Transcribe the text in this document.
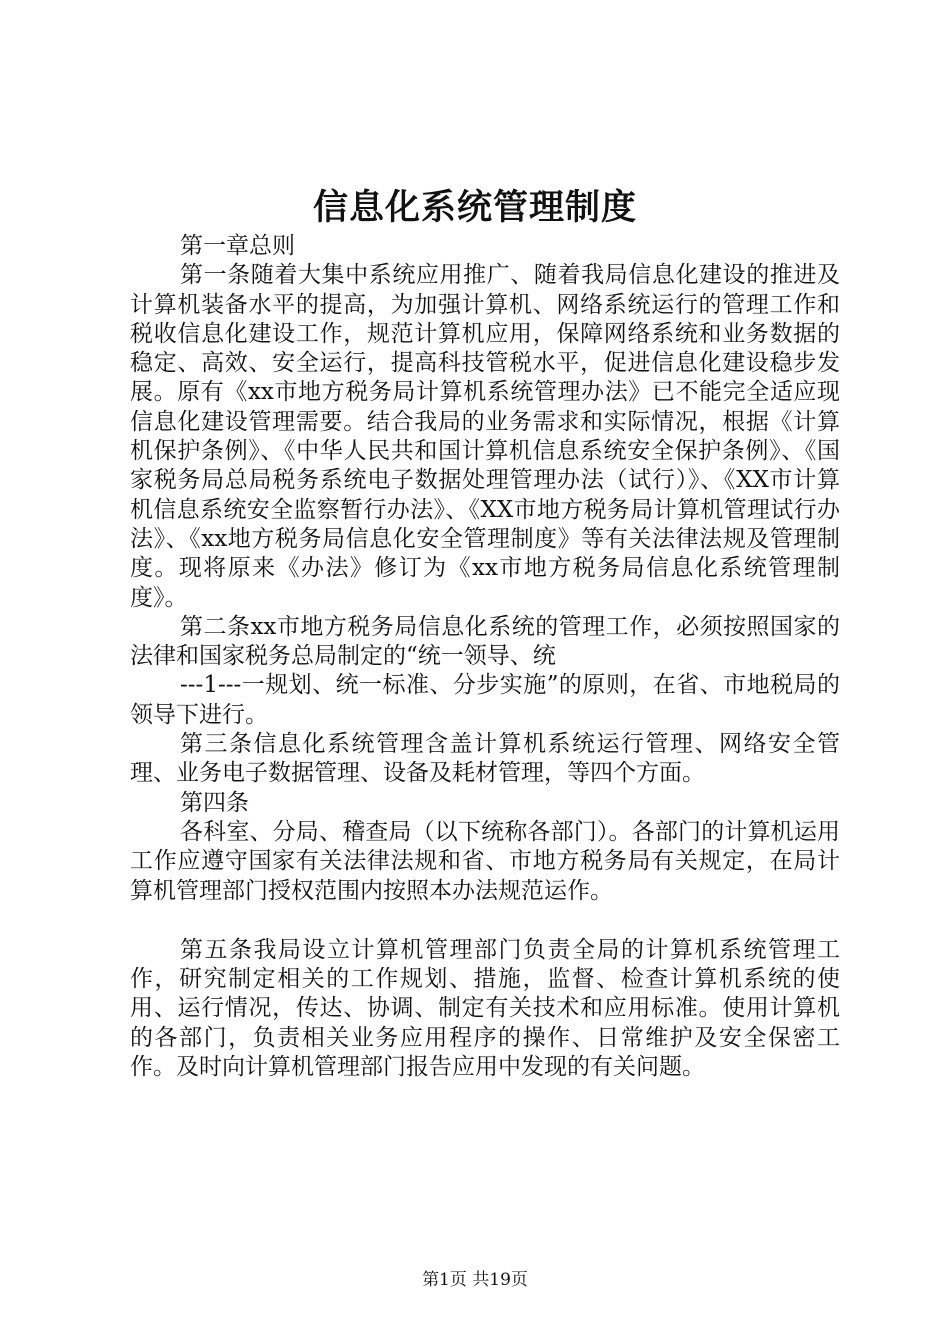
信息化系统管理制度

第一章总则

第一条随着大集中系统应用推广、随着我局信息化建设的推进及计算机装备水平的提高，为加强计算机、网络系统运行的管理工作和税收信息化建设工作，规范计算机应用，保障网络系统和业务数据的稳定、高效、安全运行，提高科技管税水平，促进信息化建设稳步发展。原有《xx市地方税务局计算机系统管理办法》已不能完全适应现信息化建设管理需要。结合我局的业务需求和实际情况，根据《计算机保护条例》、《中华人民共和国计算机信息系统安全保护条例》、《国家税务局总局税务系统电子数据处理管理办法（试行）》、《XX市计算机信息系统安全监察暂行办法》、《XX市地方税务局计算机管理试行办法》、《xx地方税务局信息化安全管理制度》等有关法律法规及管理制度。现将原来《办法》修订为《xx市地方税务局信息化系统管理制度》。

第二条xx市地方税务局信息化系统的管理工作，必须按照国家的法律和国家税务总局制定的“统一领导、统

---1---一规划、统一标准、分步实施”的原则，在省、市地税局的领导下进行。

第三条信息化系统管理含盖计算机系统运行管理、网络安全管理、业务电子数据管理、设备及耗材管理，等四个方面。

第四条

各科室、分局、稽查局（以下统称各部门）。各部门的计算机运用工作应遵守国家有关法律法规和省、市地方税务局有关规定，在局计算机管理部门授权范围内按照本办法规范运作。

第五条我局设立计算机管理部门负责全局的计算机系统管理工作，研究制定相关的工作规划、措施，监督、检查计算机系统的使用、运行情况，传达、协调、制定有关技术和应用标准。使用计算机的各部门，负责相关业务应用程序的操作、日常维护及安全保密工作。及时向计算机管理部门报告应用中发现的有关问题。

第1页 共19页
